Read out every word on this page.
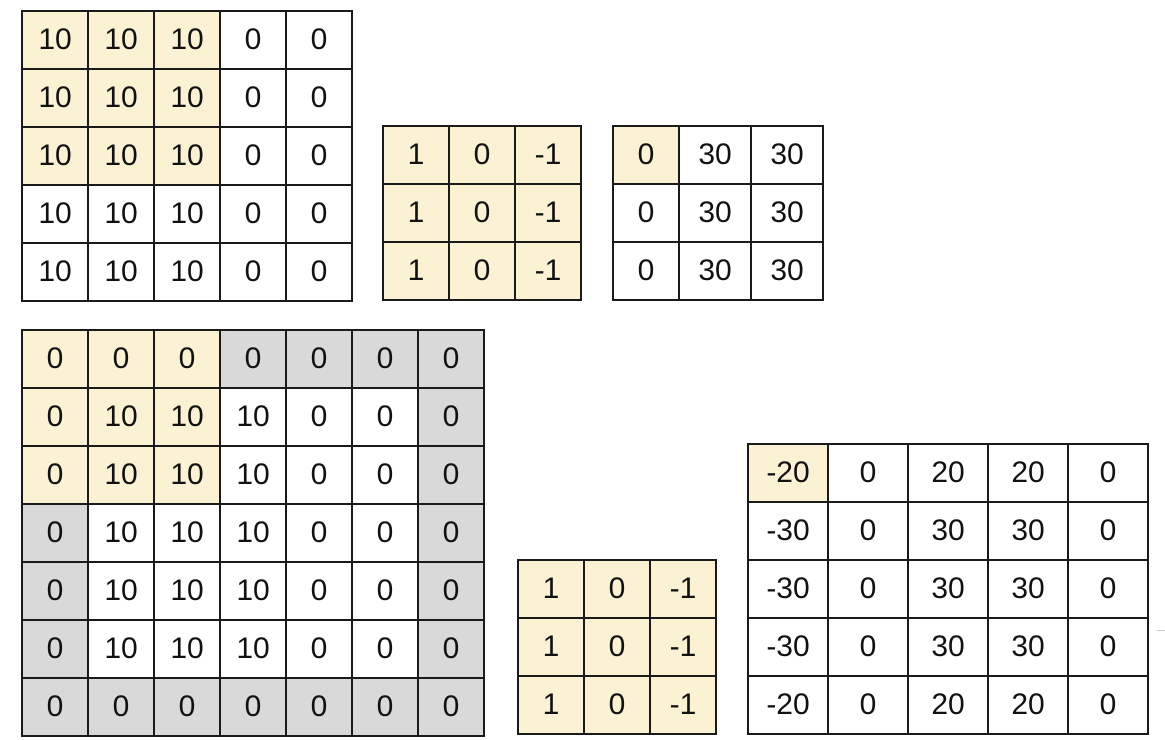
10	10	10	0	0
10	10	10	0	0
10	10	10	0	0
10	10	10	0	0
10	10	10	0	0
1	0	-1
1	0	-1
1	0	-1
0	30	30
0	30	30
0	30	30
0	0	0	0	0	0	0
0	10	10	10	0	0	0
0	10	10	10	0	0	0
0	10	10	10	0	0	0
0	10	10	10	0	0	0
0	10	10	10	0	0	0
0	0	0	0	0	0	0
1	0	-1
1	0	-1
1	0	-1
-20	0	20	20	0
-30	0	30	30	0
-30	0	30	30	0
-30	0	30	30	0
-20	0	20	20	0
